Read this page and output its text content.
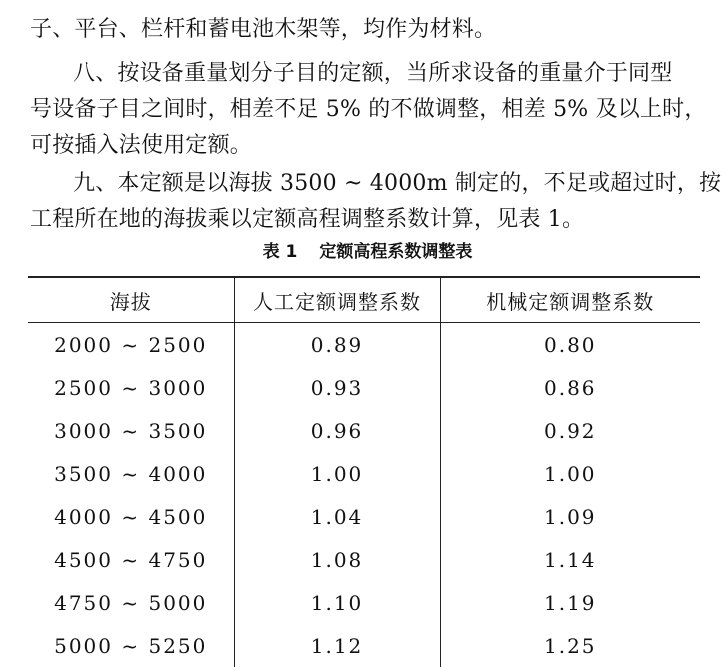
子、平台、栏杆和蓄电池木架等，均作为材料。

八、按设备重量划分子目的定额，当所求设备的重量介于同型
号设备子目之间时，相差不足 5% 的不做调整，相差 5% 及以上时，
可按插入法使用定额。

九、本定额是以海拔 3500 ~ 4000m 制定的，不足或超过时，按
工程所在地的海拔乘以定额高程调整系数计算，见表 1。

表 1 定额高程系数调整表
海拔	人工定额调整系数	机械定额调整系数
2000 ~ 2500	0.89	0.80
2500 ~ 3000	0.93	0.86
3000 ~ 3500	0.96	0.92
3500 ~ 4000	1.00	1.00
4000 ~ 4500	1.04	1.09
4500 ~ 4750	1.08	1.14
4750 ~ 5000	1.10	1.19
5000 ~ 5250	1.12	1.25
